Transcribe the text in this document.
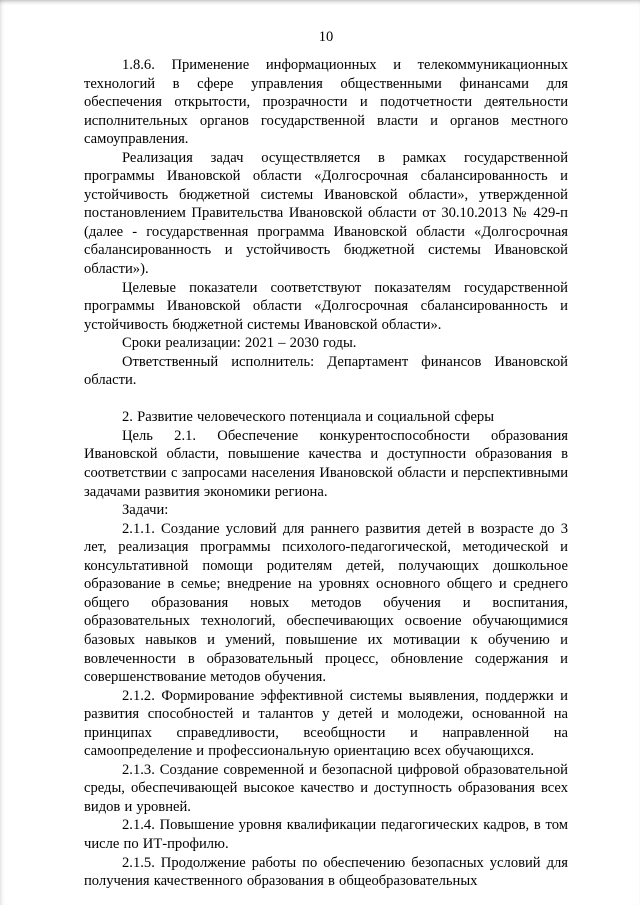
10

1.8.6. Применение информационных и телекоммуникационных технологий в сфере управления общественными финансами для обеспечения открытости, прозрачности и подотчетности деятельности исполнительных органов государственной власти и органов местного самоуправления.

Реализация задач осуществляется в рамках государственной программы Ивановской области «Долгосрочная сбалансированность и устойчивость бюджетной системы Ивановской области», утвержденной постановлением Правительства Ивановской области от 30.10.2013 № 429-п (далее - государственная программа Ивановской области «Долгосрочная сбалансированность и устойчивость бюджетной системы Ивановской области»).

Целевые показатели соответствуют показателям государственной программы Ивановской области «Долгосрочная сбалансированность и устойчивость бюджетной системы Ивановской области».

Сроки реализации: 2021 – 2030 годы.

Ответственный исполнитель: Департамент финансов Ивановской области.

2. Развитие человеческого потенциала и социальной сферы

Цель 2.1. Обеспечение конкурентоспособности образования Ивановской области, повышение качества и доступности образования в соответствии с запросами населения Ивановской области и перспективными задачами развития экономики региона.

Задачи:

2.1.1. Создание условий для раннего развития детей в возрасте до 3 лет, реализация программы психолого-педагогической, методической и консультативной помощи родителям детей, получающих дошкольное образование в семье; внедрение на уровнях основного общего и среднего общего образования новых методов обучения и воспитания, образовательных технологий, обеспечивающих освоение обучающимися базовых навыков и умений, повышение их мотивации к обучению и вовлеченности в образовательный процесс, обновление содержания и совершенствование методов обучения.

2.1.2. Формирование эффективной системы выявления, поддержки и развития способностей и талантов у детей и молодежи, основанной на принципах справедливости, всеобщности и направленной на самоопределение и профессиональную ориентацию всех обучающихся.

2.1.3. Создание современной и безопасной цифровой образовательной среды, обеспечивающей высокое качество и доступность образования всех видов и уровней.

2.1.4. Повышение уровня квалификации педагогических кадров, в том числе по ИТ-профилю.

2.1.5. Продолжение работы по обеспечению безопасных условий для получения качественного образования в общеобразовательных
